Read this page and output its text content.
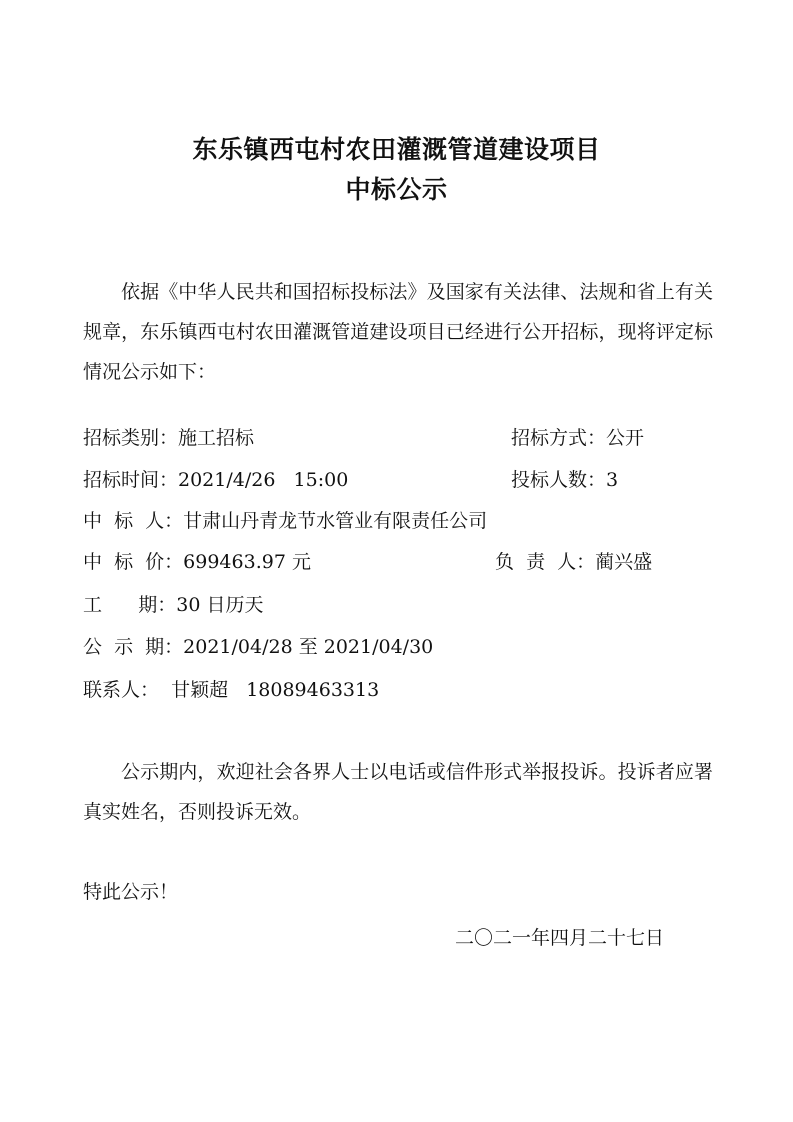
东乐镇西屯村农田灌溉管道建设项目
中标公示
依据《中华人民共和国招标投标法》及国家有关法律、法规和省上有关规章，东乐镇西屯村农田灌溉管道建设项目已经进行公开招标，现将评定标情况公示如下：
招标类别：施工招标	招标方式：公开
招标时间：2021/4/26   15:00	投标人数：3
中  标  人：甘肃山丹青龙节水管业有限责任公司
中  标  价：699463.97 元	负  责  人：蔺兴盛
工      期：30 日历天
公  示  期：2021/04/28 至 2021/04/30
联系人：  甘颖超   18089463313
公示期内，欢迎社会各界人士以电话或信件形式举报投诉。投诉者应署真实姓名，否则投诉无效。
特此公示！
二〇二一年四月二十七日
